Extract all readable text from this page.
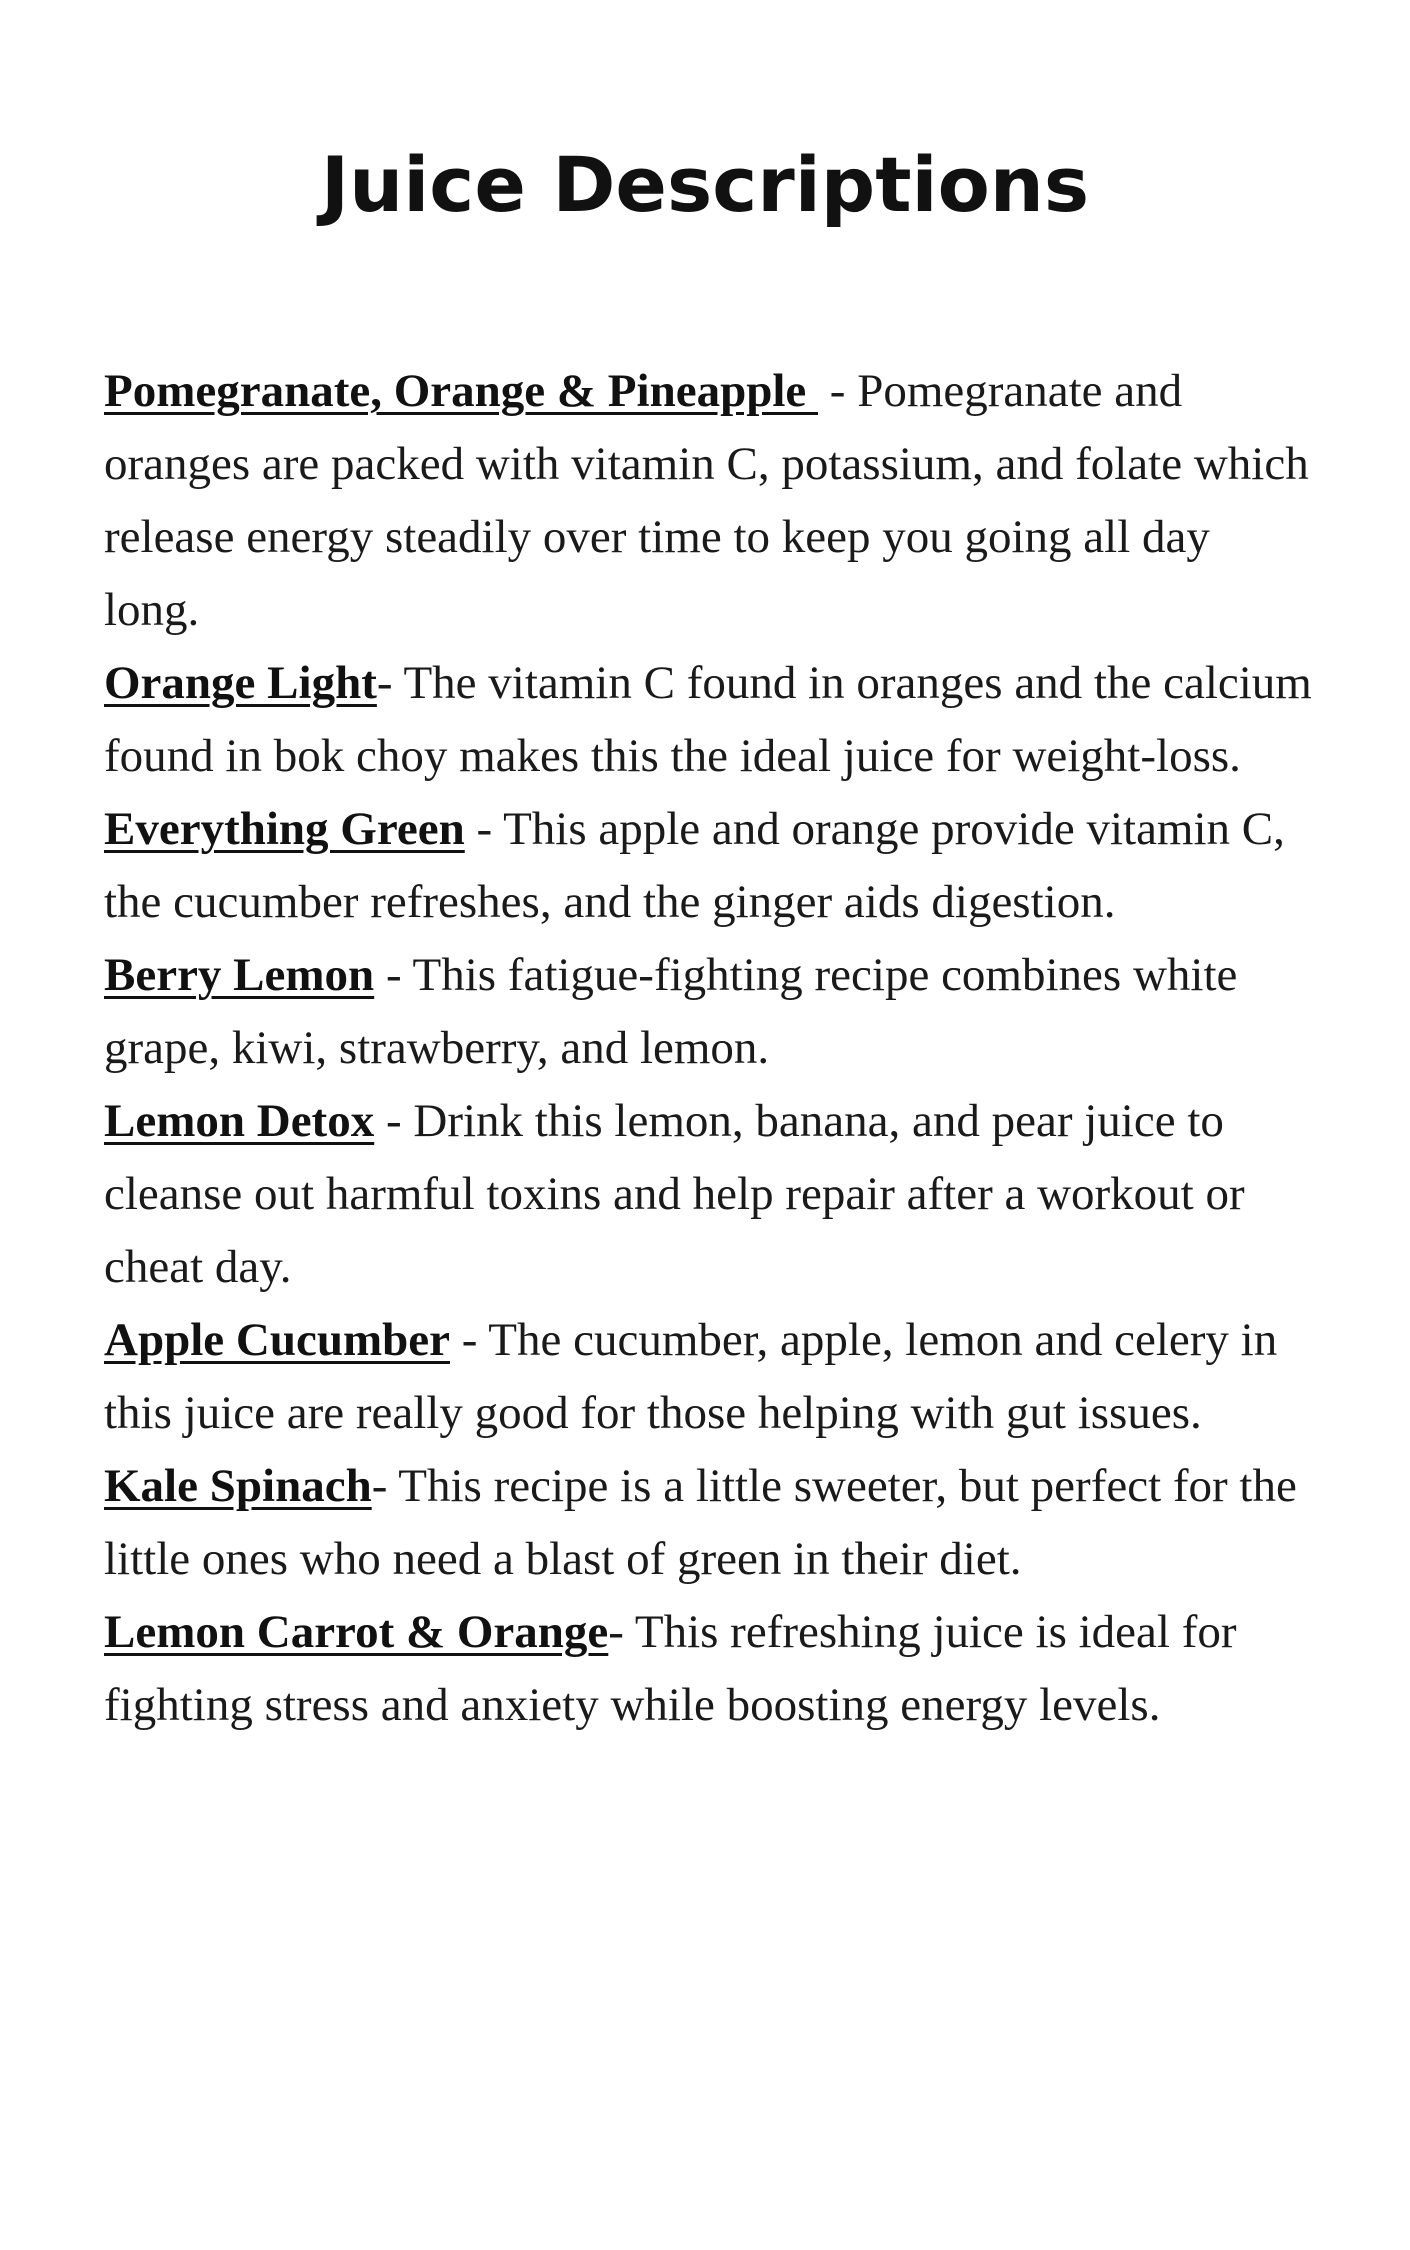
Juice Descriptions
Pomegranate, Orange & Pineapple  - Pomegranate and oranges are packed with vitamin C, potassium, and folate which release energy steadily over time to keep you going all day long.
Orange Light- The vitamin C found in oranges and the calcium found in bok choy makes this the ideal juice for weight-loss.
Everything Green - This apple and orange provide vitamin C, the cucumber refreshes, and the ginger aids digestion.
Berry Lemon - This fatigue-fighting recipe combines white grape, kiwi, strawberry, and lemon.
Lemon Detox - Drink this lemon, banana, and pear juice to cleanse out harmful toxins and help repair after a workout or cheat day.
Apple Cucumber - The cucumber, apple, lemon and celery in this juice are really good for those helping with gut issues.
Kale Spinach- This recipe is a little sweeter, but perfect for the little ones who need a blast of green in their diet.
Lemon Carrot & Orange- This refreshing juice is ideal for fighting stress and anxiety while boosting energy levels.
